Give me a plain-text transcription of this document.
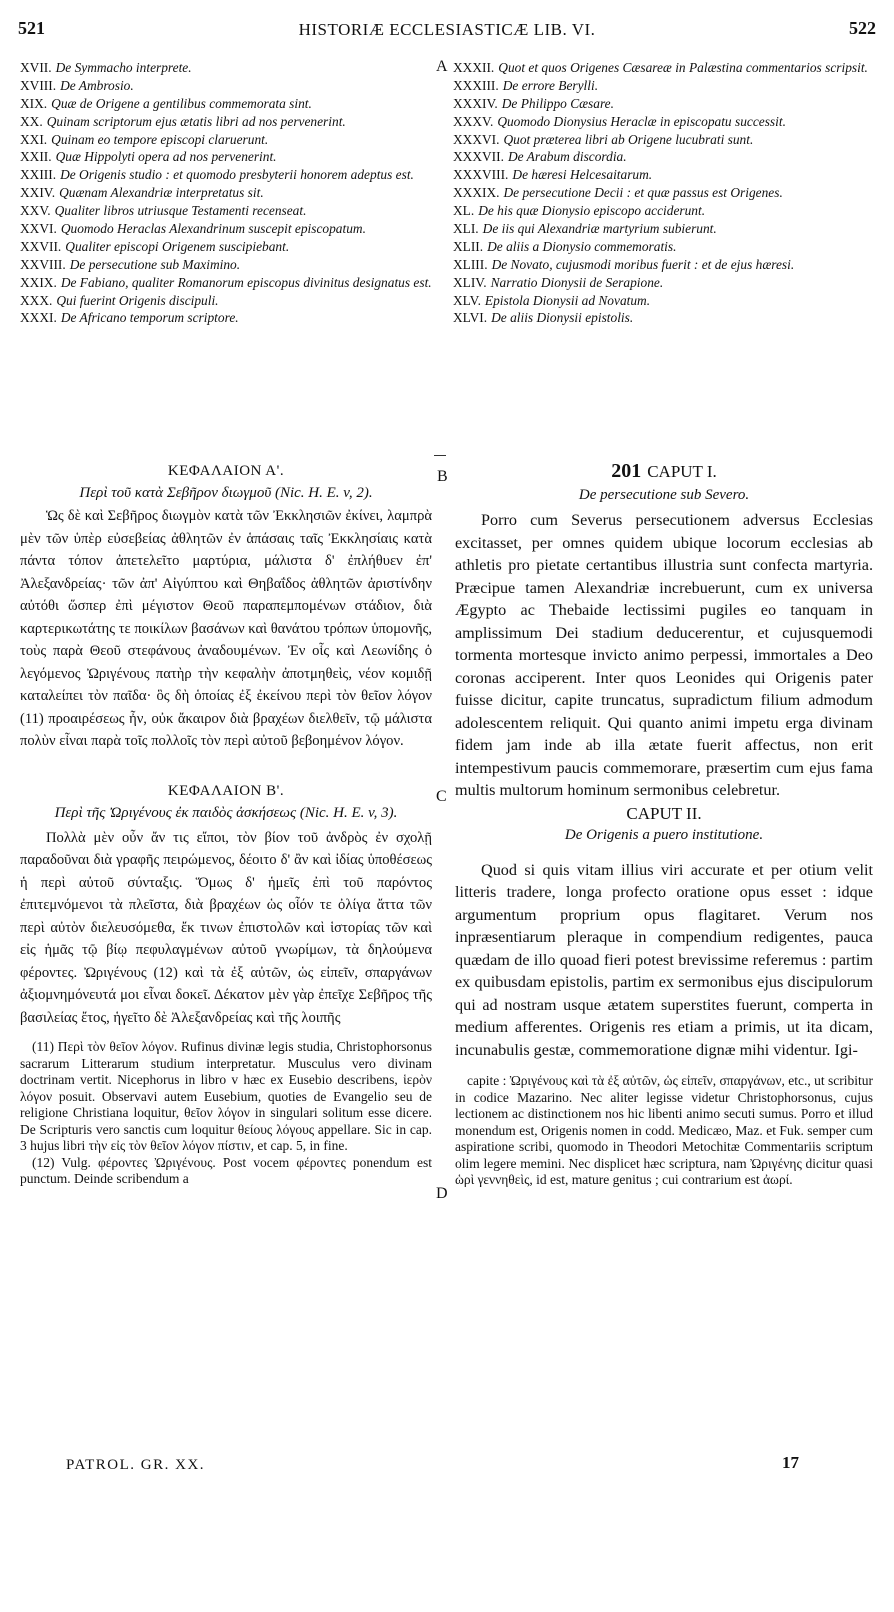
521	HISTORIÆ ECCLESIASTICÆ LIB. VI.	522
XVII. De Symmacho interprete.
XVIII. De Ambrosio.
XIX. Quæ de Origene a gentilibus commemorata sint.
XX. Quinam scriptorum ejus ætatis libri ad nos pervenerint.
XXI. Quinam eo tempore episcopi claruerunt.
XXII. Quæ Hippolyti opera ad nos pervenerint.
XXIII. De Origenis studio : et quomodo presbyterii honorem adeptus est.
XXIV. Quænam Alexandriæ interpretatus sit.
XXV. Qualiter libros utriusque Testamenti recenseat.
XXVI. Quomodo Heraclas Alexandrinum suscepit episcopatum.
XXVII. Qualiter episcopi Origenem suscipiebant.
XXVIII. De persecutione sub Maximino.
XXIX. De Fabiano, qualiter Romanorum episcopus divinitus designatus est.
XXX. Qui fuerint Origenis discipuli.
XXXI. De Africano temporum scriptore.
XXXII. Quot et quos Origenes Cæsareæ in Palæstina commentarios scripsit.
XXXIII. De errore Berylli.
XXXIV. De Philippo Cæsare.
XXXV. Quomodo Dionysius Heraclæ in episcopatu successit.
XXXVI. Quot præterea libri ab Origene lucubrati sunt.
XXXVII. De Arabum discordia.
XXXVIII. De hæresi Helcesaitarum.
XXXIX. De persecutione Decii : et quæ passus est Origenes.
XL. De his quæ Dionysio episcopo acciderunt.
XLI. De iis qui Alexandriæ martyrium subierunt.
XLII. De aliis a Dionysio commemoratis.
XLIII. De Novato, cujusmodi moribus fuerit : et de ejus hæresi.
XLIV. Narratio Dionysii de Serapione.
XLV. Epistola Dionysii ad Novatum.
XLVI. De aliis Dionysii epistolis.
A
B
C
D
ΚΕΦΑΛΑΙΟΝ Α'.
Περὶ τοῦ κατὰ Σεβῆρον διωγμοῦ (Nic. H. E. v, 2).

Ὡς δὲ καὶ Σεβῆρος διωγμὸν κατὰ τῶν Ἐκκλησιῶν ἐκίνει, λαμπρὰ μὲν τῶν ὑπὲρ εὐσεβείας ἀθλητῶν ἐν ἁπάσαις ταῖς Ἐκκλησίαις κατὰ πάντα τόπον ἀπετελεῖτο μαρτύρια, μάλιστα δ' ἐπλήθυεν ἐπ' Ἀλεξανδρείας· τῶν ἀπ' Αἰγύπτου καὶ Θηβαΐδος ἀθλητῶν ἀριστίνδην αὐτόθι ὥσπερ ἐπὶ μέγιστον Θεοῦ παραπεμπομένων στάδιον, διὰ καρτερικωτάτης τε ποικίλων βασάνων καὶ θανάτου τρόπων ὑπομονῆς, τοὺς παρὰ Θεοῦ στεφάνους ἀναδουμένων. Ἐν οἷς καὶ Λεωνίδης ὁ λεγόμενος Ὠριγένους πατὴρ τὴν κεφαλὴν ἀποτμηθεὶς, νέον κομιδῇ καταλείπει τὸν παῖδα· ὃς δὴ ὁποίας ἐξ ἐκείνου περὶ τὸν θεῖον λόγον (11) προαιρέσεως ἦν, οὐκ ἄκαιρον διὰ βραχέων διελθεῖν, τῷ μάλιστα πολὺν εἶναι παρὰ τοῖς πολλοῖς τὸν περὶ αὐτοῦ βεβοημένον λόγον.

ΚΕΦΑΛΑΙΟΝ Β'.
Περὶ τῆς Ὠριγένους ἐκ παιδὸς ἀσκήσεως (Nic. H. E. v, 3).

Πολλὰ μὲν οὖν ἄν τις εἴποι, τὸν βίον τοῦ ἀνδρὸς ἐν σχολῇ παραδοῦναι διὰ γραφῆς πειρώμενος, δέοιτο δ' ἂν καὶ ἰδίας ὑποθέσεως ἡ περὶ αὐτοῦ σύνταξις. Ὅμως δ' ἡμεῖς ἐπὶ τοῦ παρόντος ἐπιτεμνόμενοι τὰ πλεῖστα, διὰ βραχέων ὡς οἷόν τε ὀλίγα ἄττα τῶν περὶ αὐτὸν διελευσόμεθα, ἔκ τινων ἐπιστολῶν καὶ ἱστορίας τῶν καὶ εἰς ἡμᾶς τῷ βίῳ πεφυλαγμένων αὐτοῦ γνωρίμων, τὰ δηλούμενα φέροντες. Ὠριγένους (12) καὶ τὰ ἐξ αὐτῶν, ὡς εἰπεῖν, σπαργάνων ἀξιομνημόνευτά μοι εἶναι δοκεῖ. Δέκατον μὲν γὰρ ἐπεῖχε Σεβῆρος τῆς βασιλείας ἔτος, ἡγεῖτο δὲ Ἀλεξανδρείας καὶ τῆς λοιπῆς

(11) Περὶ τὸν θεῖον λόγον. Rufinus divinæ legis studia, Christophorsonus sacrarum Litterarum studium interpretatur. Musculus vero divinam doctrinam vertit. Nicephorus in libro v hæc ex Eusebio describens, ἱερὸν λόγον posuit. Observavi autem Eusebium, quoties de Evangelio seu de religione Christiana loquitur, θεῖον λόγον in singulari solitum esse dicere. De Scripturis vero sanctis cum loquitur θείους λόγους appellare. Sic in cap. 3 hujus libri τὴν εἰς τὸν θεῖον λόγον πίστιν, et cap. 5, in fine.

(12) Vulg. φέροντες Ὠριγένους. Post vocem φέροντες ponendum est punctum. Deinde scribendum a

201 CAPUT I.
De persecutione sub Severo.

Porro cum Severus persecutionem adversus Ecclesias excitasset, per omnes quidem ubique locorum ecclesias ab athletis pro pietate certantibus illustria sunt confecta martyria. Præcipue tamen Alexandriæ increbuerunt, cum ex universa Ægypto ac Thebaide lectissimi pugiles eo tanquam in amplissimum Dei stadium deducerentur, et cujusquemodi tormenta mortesque invicto animo perpessi, immortales a Deo coronas acciperent. Inter quos Leonides qui Origenis pater fuisse dicitur, capite truncatus, supradictum filium admodum adolescentem reliquit. Qui quanto animi impetu erga divinam fidem jam inde ab illa ætate fuerit affectus, non erit intempestivum paucis commemorare, præsertim cum ejus fama multis multorum hominum sermonibus celebretur.

CAPUT II.
De Origenis a puero institutione.

Quod si quis vitam illius viri accurate et per otium velit litteris tradere, longa profecto oratione opus esset : idque argumentum proprium opus flagitaret. Verum nos inpræsentiarum pleraque in compendium redigentes, pauca quædam de illo quoad fieri potest brevissime referemus : partim ex quibusdam epistolis, partim ex sermonibus ejus discipulorum qui ad nostram usque ætatem superstites fuerunt, comperta in medium afferentes. Origenis res etiam a primis, ut ita dicam, incunabulis gestæ, commemoratione dignæ mihi videntur. Igi-

capite : Ὠριγένους καὶ τὰ ἐξ αὐτῶν, ὡς εἰπεῖν, σπαργάνων, etc., ut scribitur in codice Mazarino. Nec aliter legisse videtur Christophorsonus, cujus lectionem ac distinctionem nos hic libenti animo secuti sumus. Porro et illud monendum est, Origenis nomen in codd. Medicæo, Maz. et Fuk. semper cum aspiratione scribi, quomodo in Theodori Metochitæ Commentariis scriptum olim legere memini. Nec displicet hæc scriptura, nam Ὠριγένης dicitur quasi ὡρὶ γεννηθεὶς, id est, mature genitus ; cui contrarium est ἀωρί.

PATROL. GR. XX.	17
